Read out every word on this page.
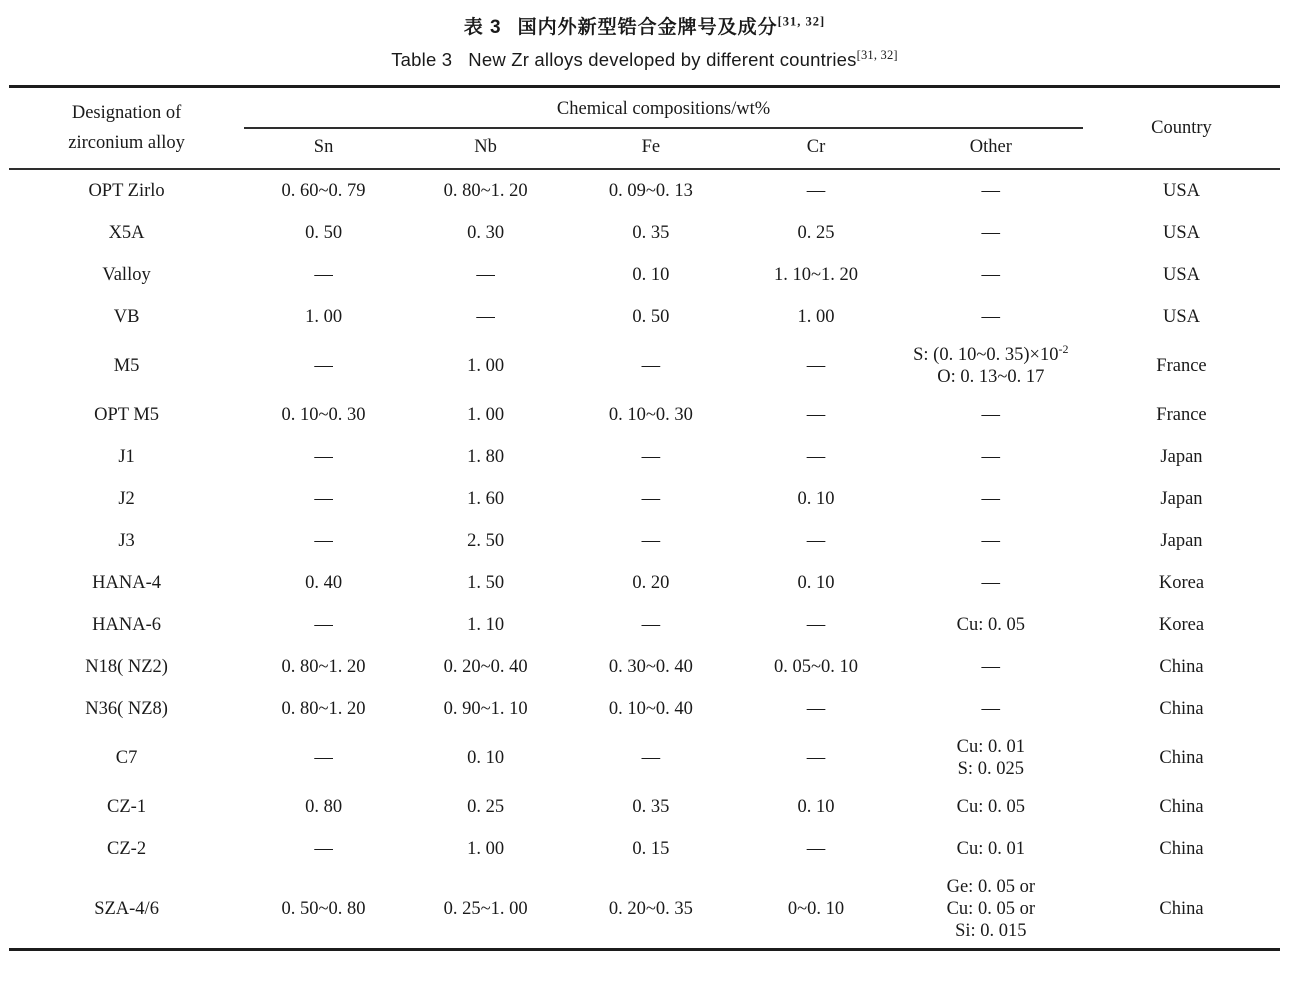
表 3 国内外新型锆合金牌号及成分[31, 32]
Table 3 New Zr alloys developed by different countries[31, 32]
Designation of
zirconium alloy	Chemical compositions/wt%					Country
	Sn	Nb	Fe	Cr	Other	
OPT Zirlo	0. 60~0. 79	0. 80~1. 20	0. 09~0. 13	—	—	USA
X5A	0. 50	0. 30	0. 35	0. 25	—	USA
Valloy	—	—	0. 10	1. 10~1. 20	—	USA
VB	1. 00	—	0. 50	1. 00	—	USA
M5	—	1. 00	—	—	S: (0. 10~0. $35)\times 10^{-2}$
O: 0. 13~0. 17	France
OPT M5	0. 10~0. 30	1. 00	0. 10~0. 30	—	—	France
J1	—	1. 80	—	—	—	Japan
J2	—	1. 60	—	0. 10	—	Japan
J3	—	2. 50	—	—	—	Japan
HANA-4	0. 40	1. 50	0. 20	0. 10	—	Korea
HANA-6	—	1. 10	—	—	Cu: 0. 05	Korea
N18( NZ2)	0. 80~1. 20	0. 20~0. 40	0. 30~0. 40	0. 05~0. 10	—	China
N36( NZ8)	0. 80~1. 20	0. 90~1. 10	0. 10~0. 40	—	—	China
C7	—	0. 10	—	—	Cu: 0. 01
S: 0. 025	China
CZ-1	0. 80	0. 25	0. 35	0. 10	Cu: 0. 05	China
CZ-2	—	1. 00	0. 15	—	Cu: 0. 01	China
SZA-4/6	0. 50~0. 80	0. 25~1. 00	0. 20~0. 35	0~0. 10	Ge: 0. 05 or
Cu: 0. 05 or
Si: 0. 015	China
